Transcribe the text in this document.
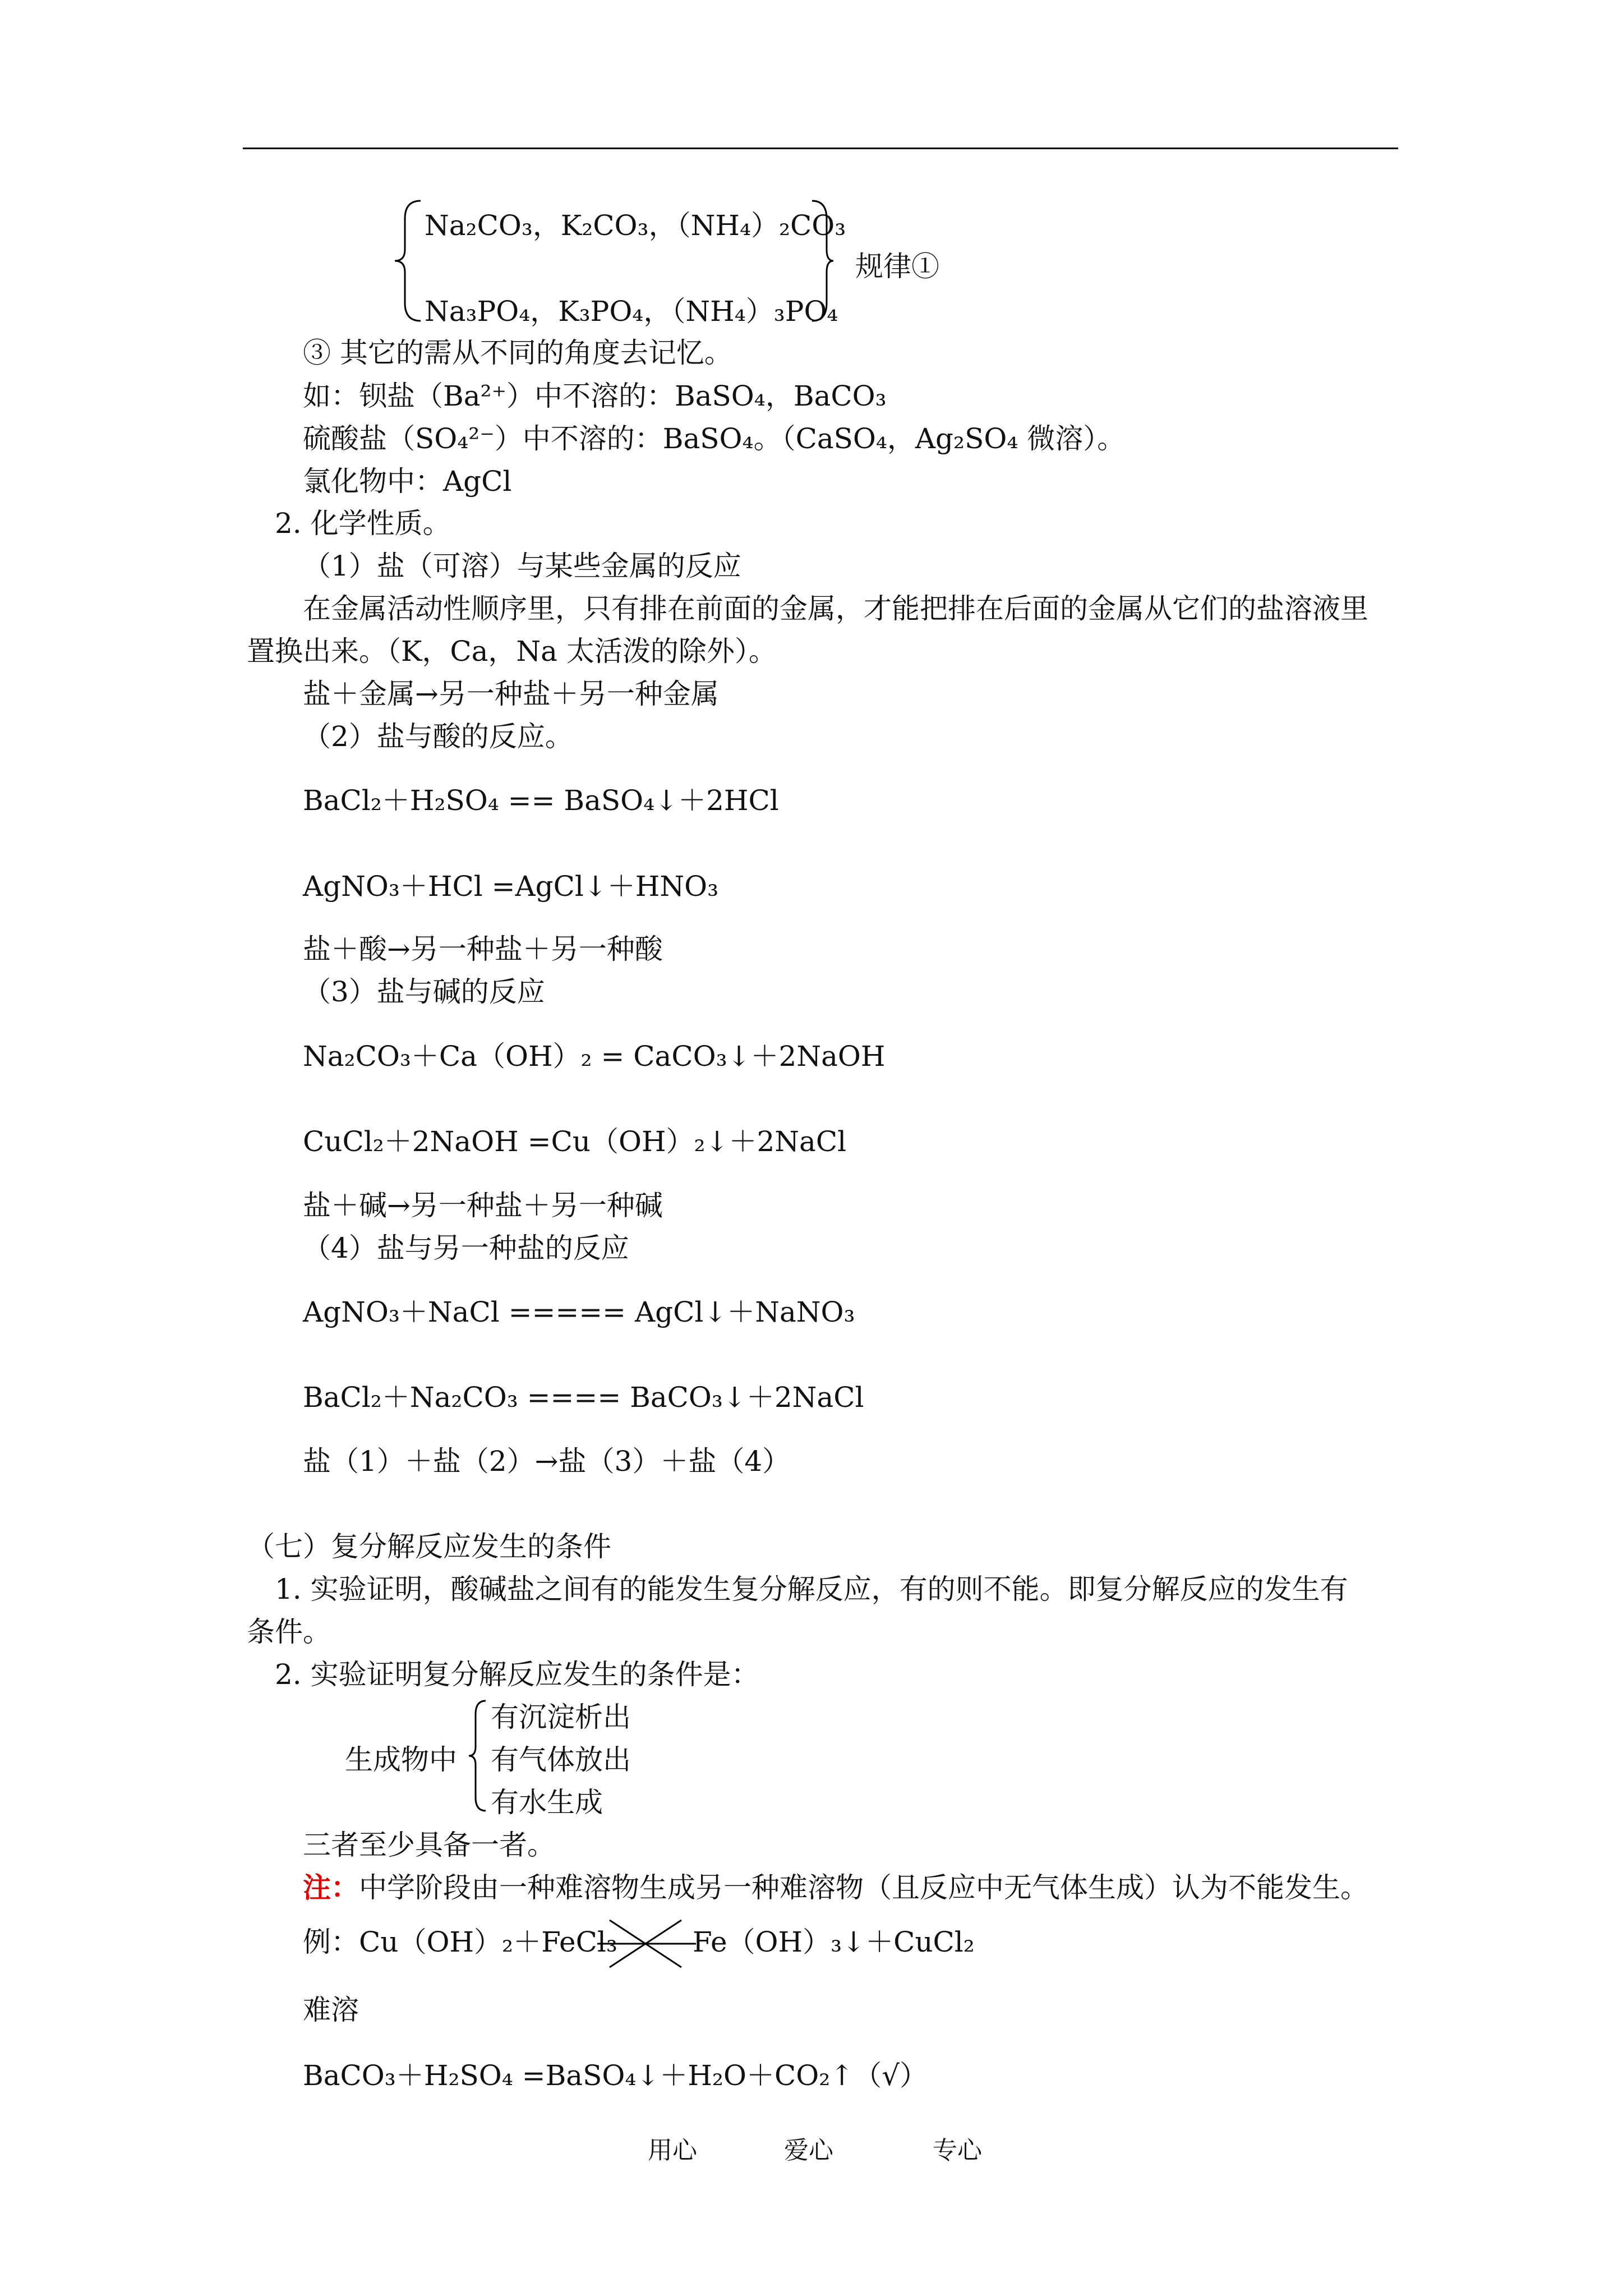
Na₂CO₃，K₂CO₃，（NH₄）₂CO₃
Na₃PO₄，K₃PO₄，（NH₄）₃PO₄
规律①
③ 其它的需从不同的角度去记忆。
如：钡盐（Ba²⁺）中不溶的：BaSO₄，BaCO₃
硫酸盐（SO₄²⁻）中不溶的：BaSO₄。（CaSO₄，Ag₂SO₄ 微溶）。
氯化物中：AgCl
2. 化学性质。
（1）盐（可溶）与某些金属的反应
在金属活动性顺序里，只有排在前面的金属，才能把排在后面的金属从它们的盐溶液里
置换出来。（K，Ca，Na 太活泼的除外）。
盐＋金属→另一种盐＋另一种金属
（2）盐与酸的反应。
BaCl₂＋H₂SO₄ == BaSO₄↓＋2HCl
AgNO₃＋HCl =AgCl↓＋HNO₃
盐＋酸→另一种盐＋另一种酸
（3）盐与碱的反应
Na₂CO₃＋Ca（OH）₂ = CaCO₃↓＋2NaOH
CuCl₂＋2NaOH =Cu（OH）₂↓＋2NaCl
盐＋碱→另一种盐＋另一种碱
（4）盐与另一种盐的反应
AgNO₃＋NaCl ===== AgCl↓＋NaNO₃
BaCl₂＋Na₂CO₃ ==== BaCO₃↓＋2NaCl
盐（1）＋盐（2）→盐（3）＋盐（4）
（七）复分解反应发生的条件
1. 实验证明，酸碱盐之间有的能发生复分解反应，有的则不能。即复分解反应的发生有
条件。
2. 实验证明复分解反应发生的条件是：
生成物中
有沉淀析出
有气体放出
有水生成
三者至少具备一者。
注：中学阶段由一种难溶物生成另一种难溶物（且反应中无气体生成）认为不能发生。
例：Cu（OH）₂＋FeCl₃	Fe（OH）₃↓＋CuCl₂
难溶
BaCO₃＋H₂SO₄ =BaSO₄↓＋H₂O＋CO₂↑（√）
用心	爱心	专心
